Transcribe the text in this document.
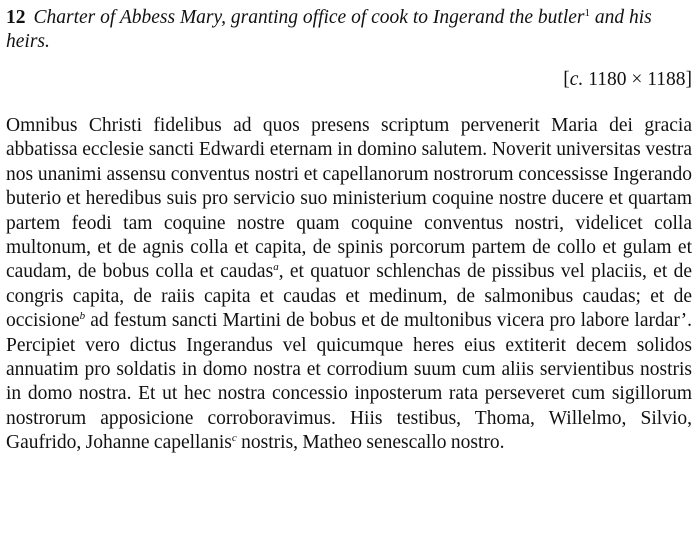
12 Charter of Abbess Mary, granting office of cook to Ingerand the butler$^1$ and his heirs.

[c. 1180 × 1188]
Omnibus Christi fidelibus ad quos presens scriptum pervenerit Maria dei gracia abbatissa ecclesie sancti Edwardi eternam in domino salutem. Noverit universitas vestra nos unanimi assensu conventus nostri et capellanorum nostrorum concessisse Ingerando buterio et heredibus suis pro servicio suo ministerium coquine nostre ducere et quartam partem feodi tam coquine nostre quam coquine conventus nostri, videlicet colla multonum, et de agnis colla et capita, de spinis porcorum partem de collo et gulam et caudam, de bobus colla et caudas$^a$, et quatuor schlenchas de pissibus vel placiis, et de congris capita, de raiis capita et caudas et medinum, de salmonibus caudas; et de occisione$^b$ ad festum sancti Martini de bobus et de multonibus vicera pro labore lardar’. Percipiet vero dictus Ingerandus vel quicumque heres eius extiterit decem solidos annuatim pro soldatis in domo nostra et corrodium suum cum aliis servientibus nostris in domo nostra. Et ut hec nostra concessio inposterum rata perseveret cum sigillorum nostrorum apposicione corroboravimus. Hiis testibus, Thoma, Willelmo, Silvio, Gaufrido, Johanne capellanis$^c$ nostris, Matheo senescallo nostro.
